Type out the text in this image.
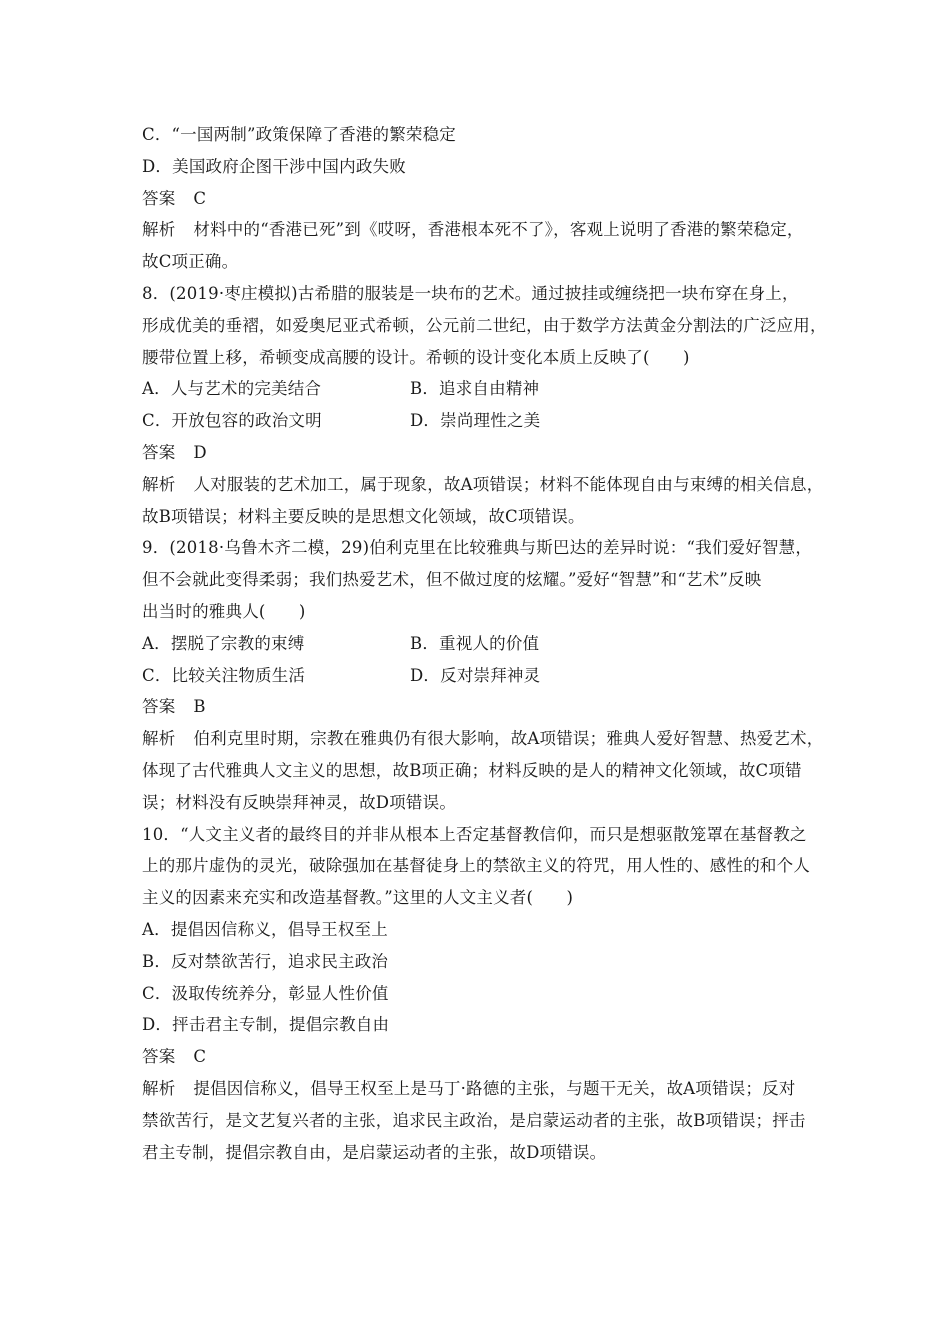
C．“一国两制”政策保障了香港的繁荣稳定
D．美国政府企图干涉中国内政失败
答案 C
解析 材料中的“香港已死”到《哎呀，香港根本死不了》，客观上说明了香港的繁荣稳定，
故C项正确。
8．(2019·枣庄模拟)古希腊的服装是一块布的艺术。通过披挂或缠绕把一块布穿在身上，
形成优美的垂褶，如爱奥尼亚式希顿，公元前二世纪，由于数学方法黄金分割法的广泛应用，
腰带位置上移，希顿变成高腰的设计。希顿的设计变化本质上反映了(　　)
A．人与艺术的完美结合	B．追求自由精神
C．开放包容的政治文明	D．崇尚理性之美
答案 D
解析 人对服装的艺术加工，属于现象，故A项错误；材料不能体现自由与束缚的相关信息，
故B项错误；材料主要反映的是思想文化领域，故C项错误。
9．(2018·乌鲁木齐二模，29)伯利克里在比较雅典与斯巴达的差异时说：“我们爱好智慧，
但不会就此变得柔弱；我们热爱艺术，但不做过度的炫耀。”爱好“智慧”和“艺术”反映
出当时的雅典人(　　)
A．摆脱了宗教的束缚	B．重视人的价值
C．比较关注物质生活	D．反对崇拜神灵
答案 B
解析 伯利克里时期，宗教在雅典仍有很大影响，故A项错误；雅典人爱好智慧、热爱艺术，
体现了古代雅典人文主义的思想，故B项正确；材料反映的是人的精神文化领域，故C项错
误；材料没有反映崇拜神灵，故D项错误。
10．“人文主义者的最终目的并非从根本上否定基督教信仰，而只是想驱散笼罩在基督教之
上的那片虚伪的灵光，破除强加在基督徒身上的禁欲主义的符咒，用人性的、感性的和个人
主义的因素来充实和改造基督教。”这里的人文主义者(　　)
A．提倡因信称义，倡导王权至上
B．反对禁欲苦行，追求民主政治
C．汲取传统养分，彰显人性价值
D．抨击君主专制，提倡宗教自由
答案 C
解析 提倡因信称义，倡导王权至上是马丁·路德的主张，与题干无关，故A项错误；反对
禁欲苦行，是文艺复兴者的主张，追求民主政治，是启蒙运动者的主张，故B项错误；抨击
君主专制，提倡宗教自由，是启蒙运动者的主张，故D项错误。
